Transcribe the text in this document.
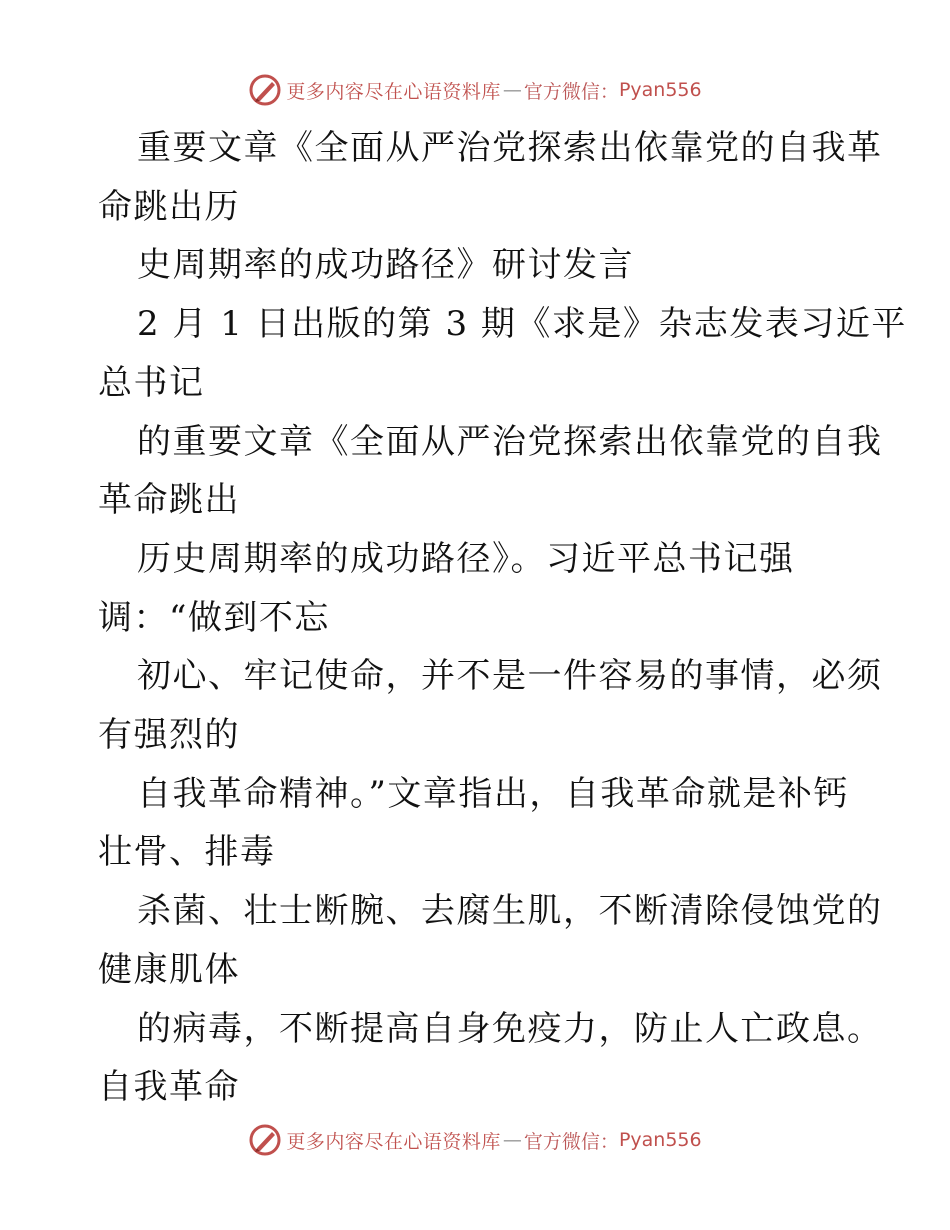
更多内容尽在心语资料库 — 官方微信： Pyan556
重要文章《全面从严治党探索出依靠党的自我革
命跳出历
史周期率的成功路径》研讨发言
2 月 1 日出版的第 3 期《求是》杂志发表习近平
总书记
的重要文章《全面从严治党探索出依靠党的自我
革命跳出
历史周期率的成功路径》。习近平总书记强
调：“做到不忘
初心、牢记使命，并不是一件容易的事情，必须
有强烈的
自我革命精神。”文章指出，自我革命就是补钙
壮骨、排毒
杀菌、壮士断腕、去腐生肌，不断清除侵蚀党的
健康肌体
的病毒，不断提高自身免疫力，防止人亡政息。
自我革命
更多内容尽在心语资料库 — 官方微信： Pyan556
